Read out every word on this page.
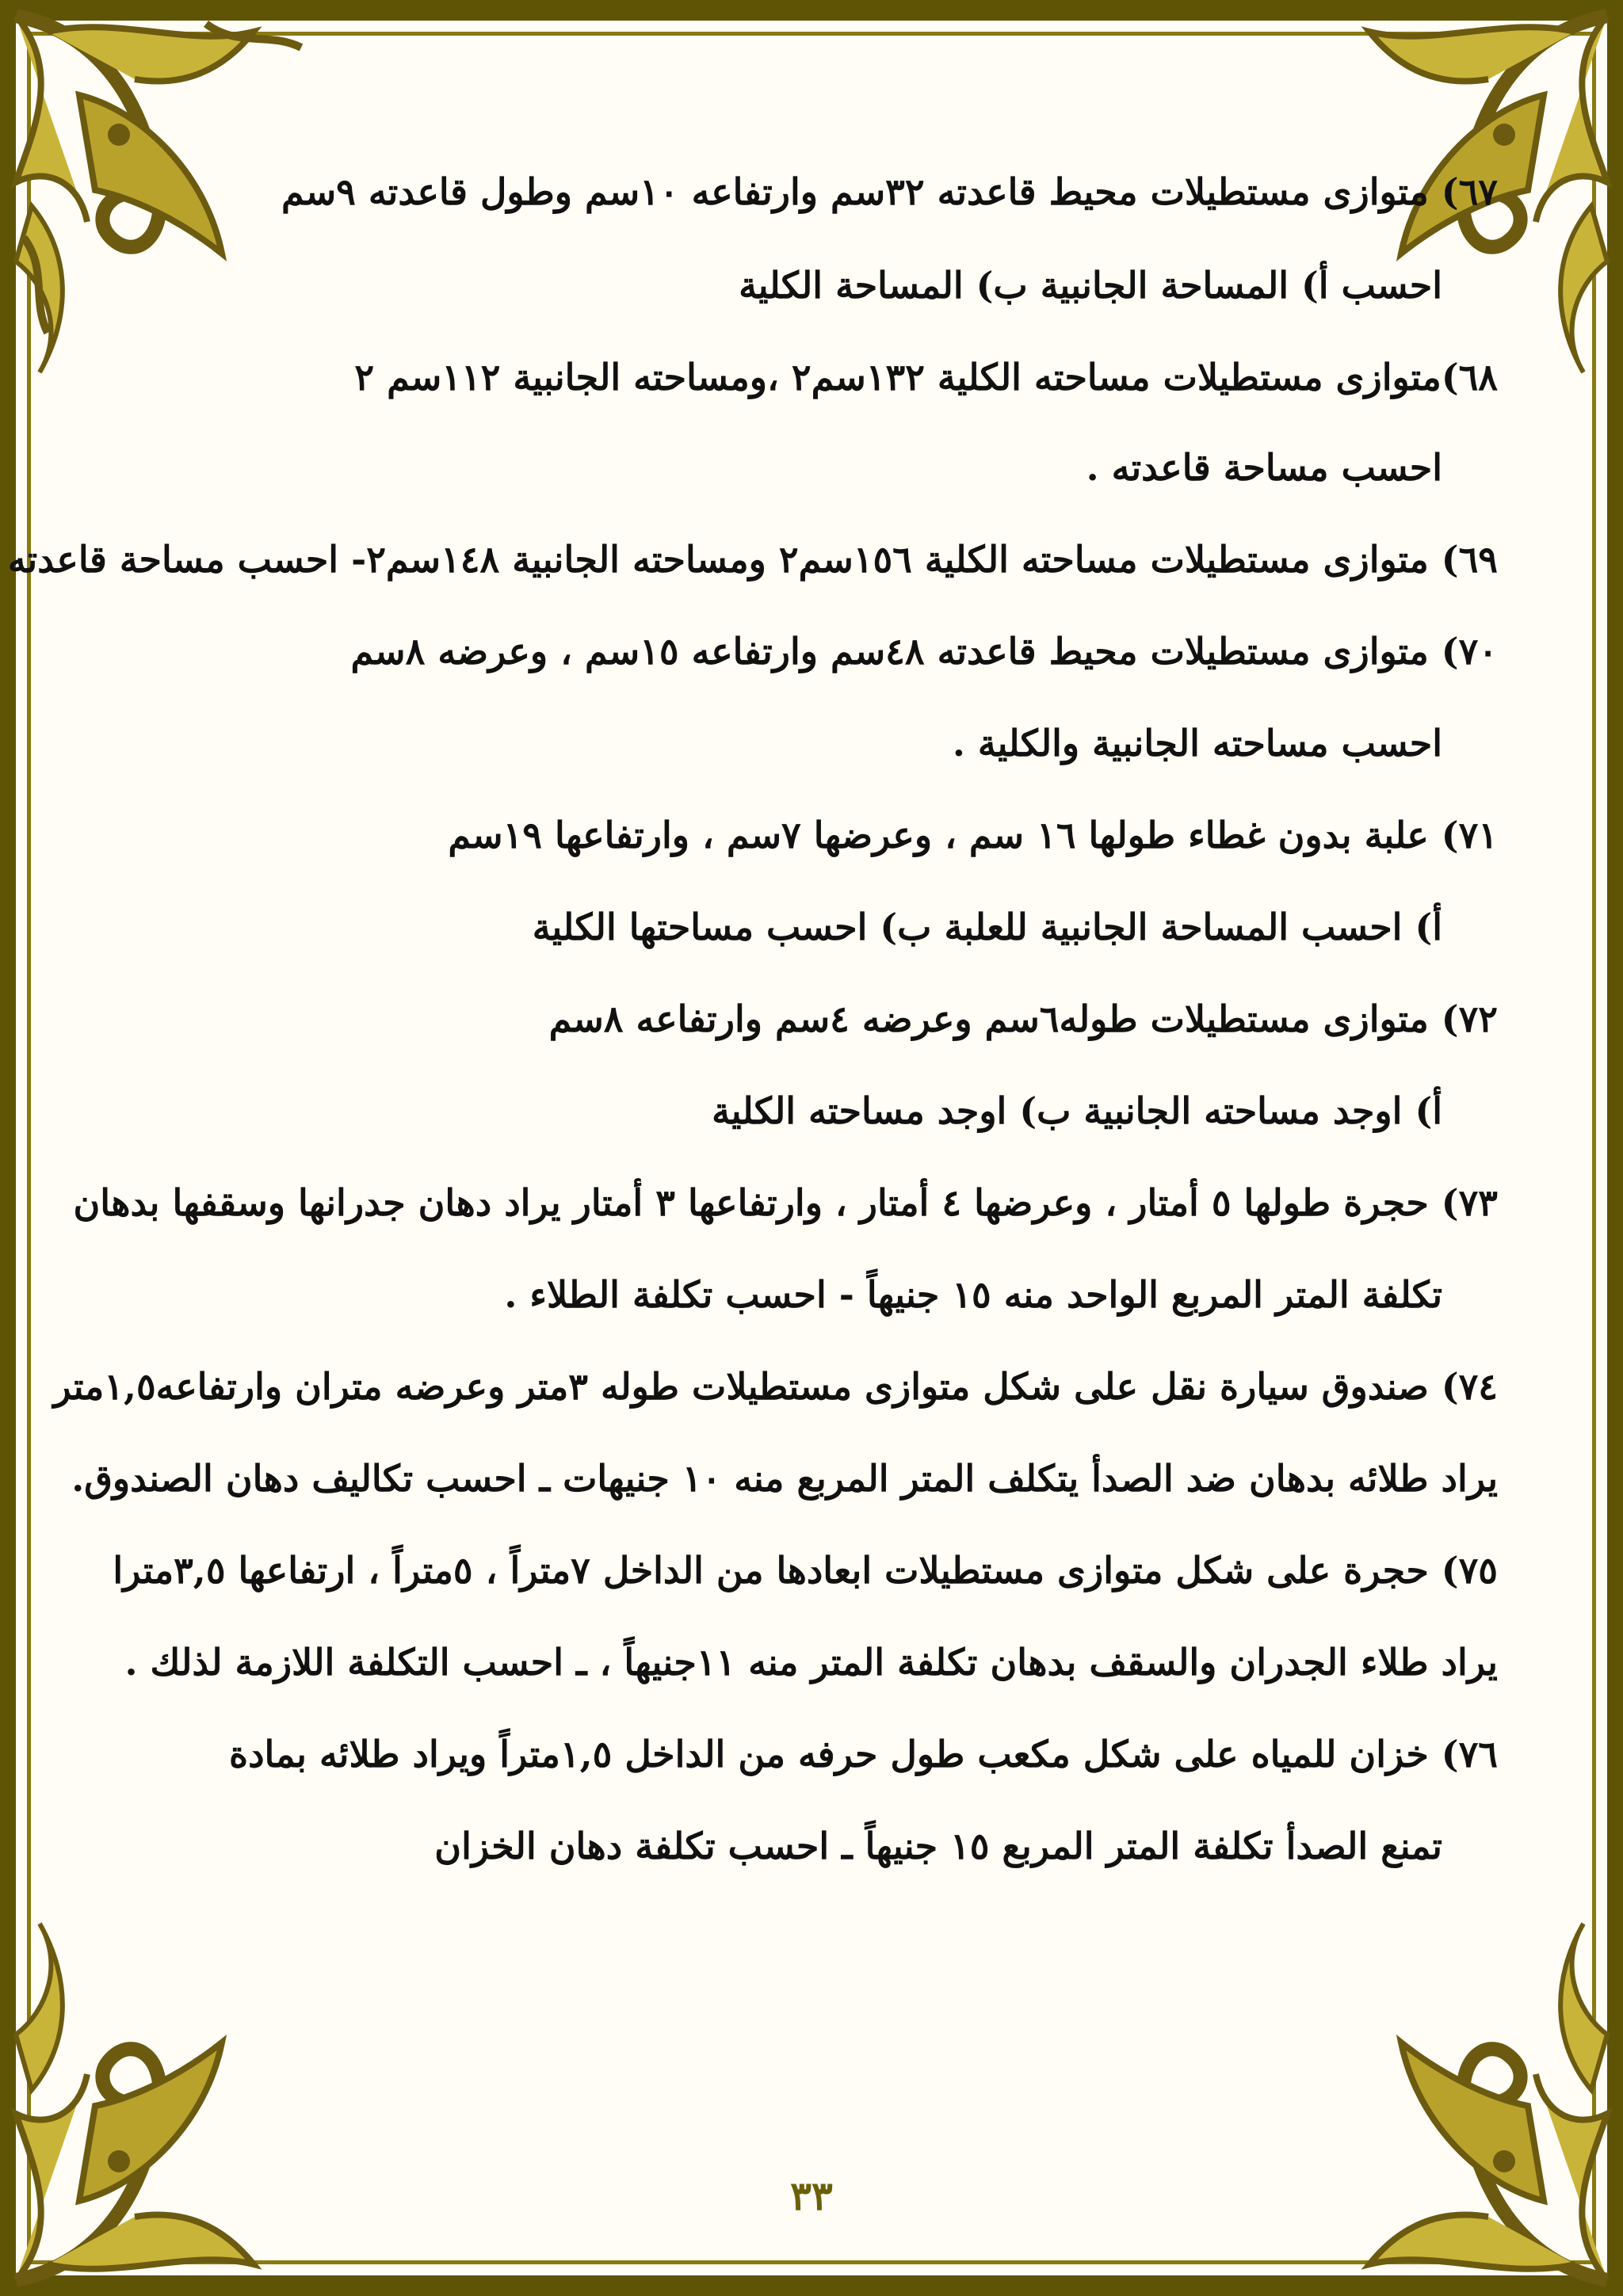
٦٧) متوازى مستطيلات محيط قاعدته ٣٢سم وارتفاعه ١٠سم وطول قاعدته ٩سم
احسب أ) المساحة الجانبية ب) المساحة الكلية
٦٨)متوازى مستطيلات مساحته الكلية ١٣٢سم٢ ،ومساحته الجانبية ١١٢سم ٢
احسب مساحة قاعدته .
٦٩) متوازى مستطيلات مساحته الكلية ١٥٦سم٢ ومساحته الجانبية ١٤٨سم٢- احسب مساحة قاعدته
٧٠) متوازى مستطيلات محيط قاعدته ٤٨سم وارتفاعه ١٥سم ، وعرضه ٨سم
احسب مساحته الجانبية والكلية .
٧١) علبة بدون غطاء طولها ١٦ سم ، وعرضها ٧سم ، وارتفاعها ١٩سم
أ) احسب المساحة الجانبية للعلبة ب) احسب مساحتها الكلية
٧٢) متوازى مستطيلات طوله٦سم وعرضه ٤سم وارتفاعه ٨سم
أ) اوجد مساحته الجانبية ب) اوجد مساحته الكلية
٧٣) حجرة طولها ٥ أمتار ، وعرضها ٤ أمتار ، وارتفاعها ٣ أمتار يراد دهان جدرانها وسقفها بدهان
تكلفة المتر المربع الواحد منه ١٥ جنيهاً - احسب تكلفة الطلاء .
٧٤) صندوق سيارة نقل على شكل متوازى مستطيلات طوله ٣متر وعرضه متران وارتفاعه١,٥متر
يراد طلائه بدهان ضد الصدأ يتكلف المتر المربع منه ١٠ جنيهات ـ احسب تكاليف دهان الصندوق.
٧٥) حجرة على شكل متوازى مستطيلات ابعادها من الداخل ٧متراً ، ٥متراً ، ارتفاعها ٣,٥مترا
يراد طلاء الجدران والسقف بدهان تكلفة المتر منه ١١جنيهاً ، ـ احسب التكلفة اللازمة لذلك .
٧٦) خزان للمياه على شكل مكعب طول حرفه من الداخل ١,٥متراً ويراد طلائه بمادة
تمنع الصدأ تكلفة المتر المربع ١٥ جنيهاً ـ احسب تكلفة دهان الخزان
٣٣
